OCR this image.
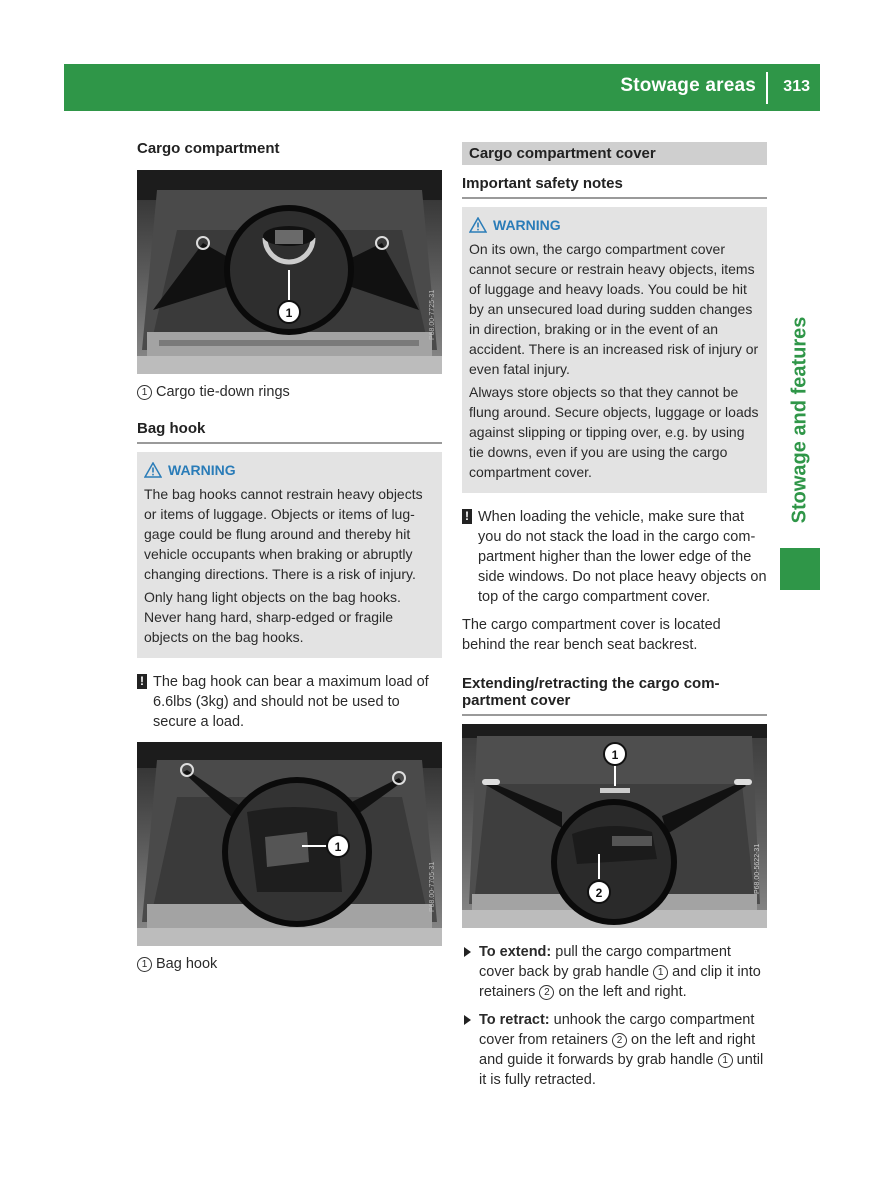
Stowage areas 313
Stowage and features
Cargo compartment
1	P68.00-7725-31
1 Cargo tie-down rings
Bag hook
WARNING

The bag hooks cannot restrain heavy objects or items of luggage. Objects or items of lug-gage could be flung around and thereby hit vehicle occupants when braking or abruptly changing directions. There is a risk of injury.

Only hang light objects on the bag hooks. Never hang hard, sharp-edged or fragile objects on the bag hooks.

! The bag hook can bear a maximum load of 6.6lbs (3kg) and should not be used to secure a load.
1
P68.00-7705-31
1 Bag hook
Cargo compartment cover
Important safety notes
WARNING

On its own, the cargo compartment cover cannot secure or restrain heavy objects, items of luggage and heavy loads. You could be hit by an unsecured load during sudden changes in direction, braking or in the event of an accident. There is an increased risk of injury or even fatal injury.

Always store objects so that they cannot be flung around. Secure objects, luggage or loads against slipping or tipping over, e.g. by using tie downs, even if you are using the cargo compartment cover.

! When loading the vehicle, make sure that you do not stack the load in the cargo com-partment higher than the lower edge of the side windows. Do not place heavy objects on top of the cargo compartment cover.

The cargo compartment cover is located behind the rear bench seat backrest.

Extending/retracting the cargo com-partment cover
1
2	P68.00-5622-31
To extend: pull the cargo compartment cover back by grab handle 1 and clip it into retainers 2 on the left and right.
To retract: unhook the cargo compartment cover from retainers 2 on the left and right and guide it forwards by grab handle 1 until it is fully retracted.
